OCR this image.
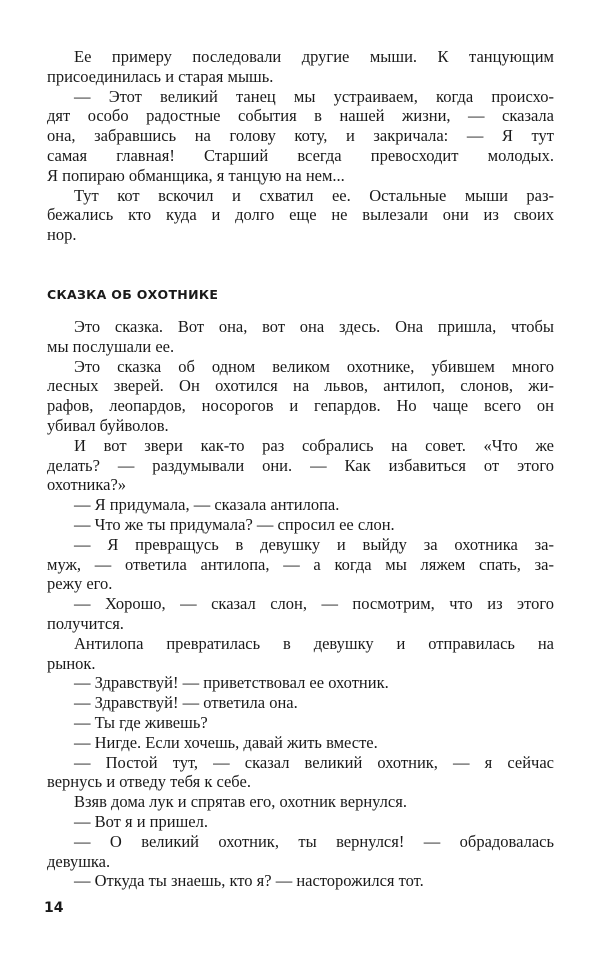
Ее примеру последовали другие мыши. К танцующим
присоединилась и старая мышь.
— Этот великий танец мы устраиваем, когда происхо-
дят особо радостные события в нашей жизни, — сказала
она, забравшись на голову коту, и закричала: — Я тут
самая главная! Старший всегда превосходит молодых.
Я попираю обманщика, я танцую на нем...
Тут кот вскочил и схватил ее. Остальные мыши раз-
бежались кто куда и долго еще не вылезали они из своих
нор.
СКАЗКА ОБ ОХОТНИКЕ
Это сказка. Вот она, вот она здесь. Она пришла, чтобы
мы послушали ее.
Это сказка об одном великом охотнике, убившем много
лесных зверей. Он охотился на львов, антилоп, слонов, жи-
рафов, леопардов, носорогов и гепардов. Но чаще всего он
убивал буйволов.
И вот звери как-то раз собрались на совет. «Что же
делать? — раздумывали они. — Как избавиться от этого
охотника?»
— Я придумала, — сказала антилопа.
— Что же ты придумала? — спросил ее слон.
— Я превращусь в девушку и выйду за охотника за-
муж, — ответила антилопа, — а когда мы ляжем спать, за-
режу его.
— Хорошо, — сказал слон, — посмотрим, что из этого
получится.
Антилопа превратилась в девушку и отправилась на
рынок.
— Здравствуй! — приветствовал ее охотник.
— Здравствуй! — ответила она.
— Ты где живешь?
— Нигде. Если хочешь, давай жить вместе.
— Постой тут, — сказал великий охотник, — я сейчас
вернусь и отведу тебя к себе.
Взяв дома лук и спрятав его, охотник вернулся.
— Вот я и пришел.
— О великий охотник, ты вернулся! — обрадовалась
девушка.
— Откуда ты знаешь, кто я? — насторожился тот.
14
